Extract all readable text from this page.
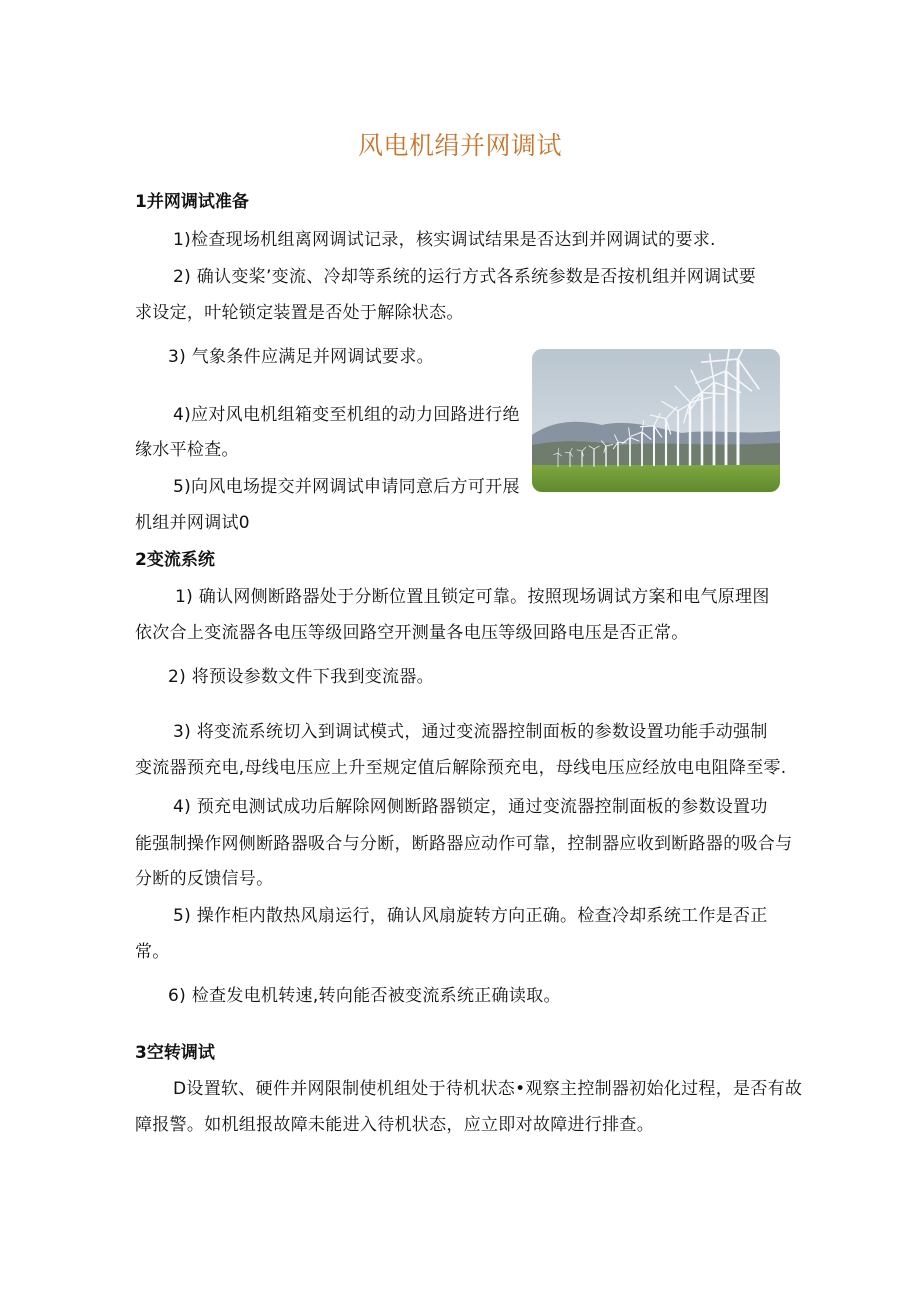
风电机绢并网调试
1并网调试准备
1)检查现场机组离网调试记录，核实调试结果是否达到并网调试的要求.
2) 确认变桨’变流、冷却等系统的运行方式各系统参数是否按机组并网调试要
求设定，叶轮锁定装置是否处于解除状态。
3) 气象条件应满足并网调试要求。
4)应对风电机组箱变至机组的动力回路进行绝
缘水平检查。
5)向风电场提交并网调试申请同意后方可开展
机组并网调试0
2变流系统
1) 确认网侧断路器处于分断位置且锁定可靠。按照现场调试方案和电气原理图
依次合上变流器各电压等级回路空开测量各电压等级回路电压是否正常。
2) 将预设参数文件下我到变流器。
3) 将变流系统切入到调试模式，通过变流器控制面板的参数设置功能手动强制
变流器预充电,母线电压应上升至规定值后解除预充电，母线电压应经放电电阻降至零.
4) 预充电测试成功后解除网侧断路器锁定，通过变流器控制面板的参数设置功
能强制操作网侧断路器吸合与分断，断路器应动作可靠，控制器应收到断路器的吸合与
分断的反馈信号。
5) 操作柜内散热风扇运行，确认风扇旋转方向正确。检查冷却系统工作是否正
常。
6) 检查发电机转速,转向能否被变流系统正确读取。
3空转调试
D设置软、硬件并网限制使机组处于待机状态•观察主控制器初始化过程，是否有故
障报警。如机组报故障未能进入待机状态，应立即对故障进行排查。
